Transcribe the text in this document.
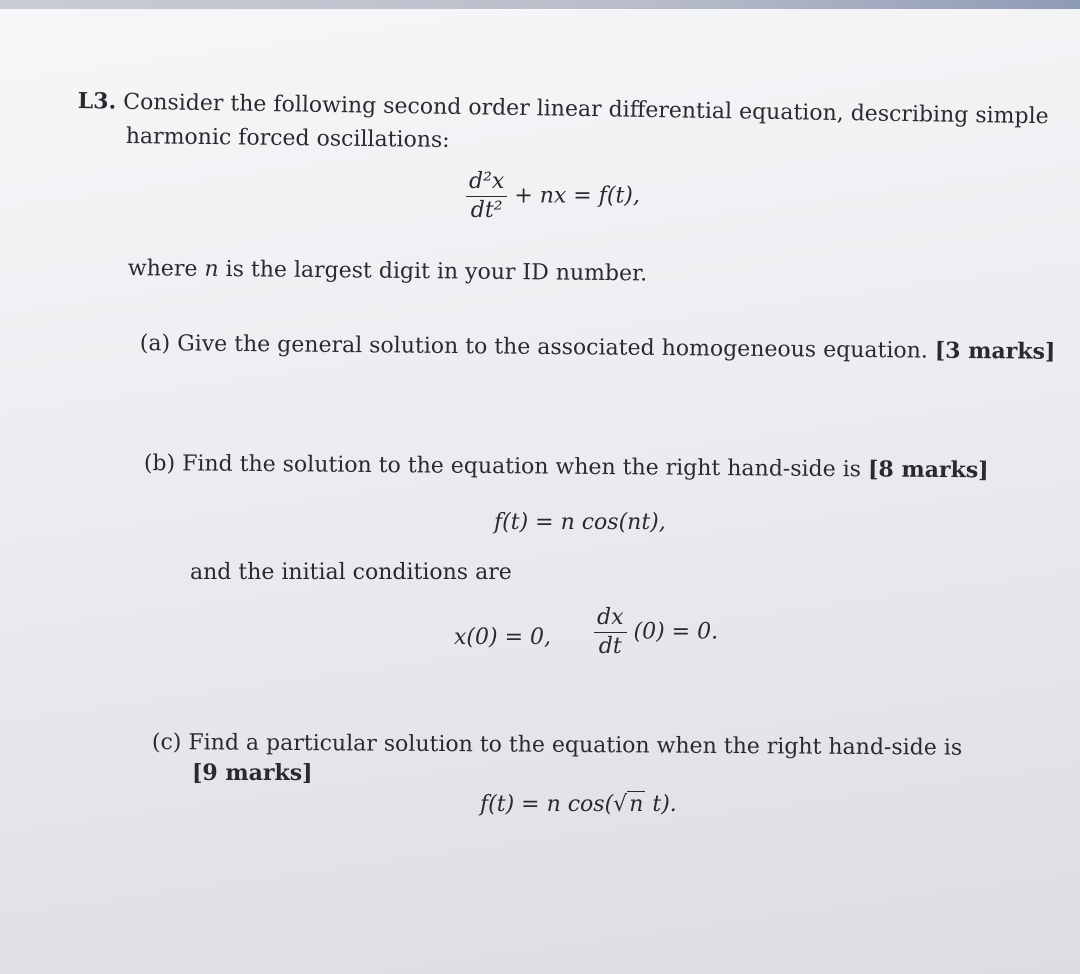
L3. Consider the following second order linear differential equation, describing simple
harmonic forced oscillations:
$\frac{\text{d²x}}{\text{dt²}}$ + nx = f(t),
where n is the largest digit in your ID number.
(a) Give the general solution to the associated homogeneous equation. [3 marks]
(b) Find the solution to the equation when the right hand-side is [8 marks]
f(t) = n cos(nt),
and the initial conditions are
x(0) = 0, $\frac{dx}{dt} (0) = 0$.
(c) Find a particular solution to the equation when the right hand-side is
[9 marks]
f(t) = n cos(√n t).
